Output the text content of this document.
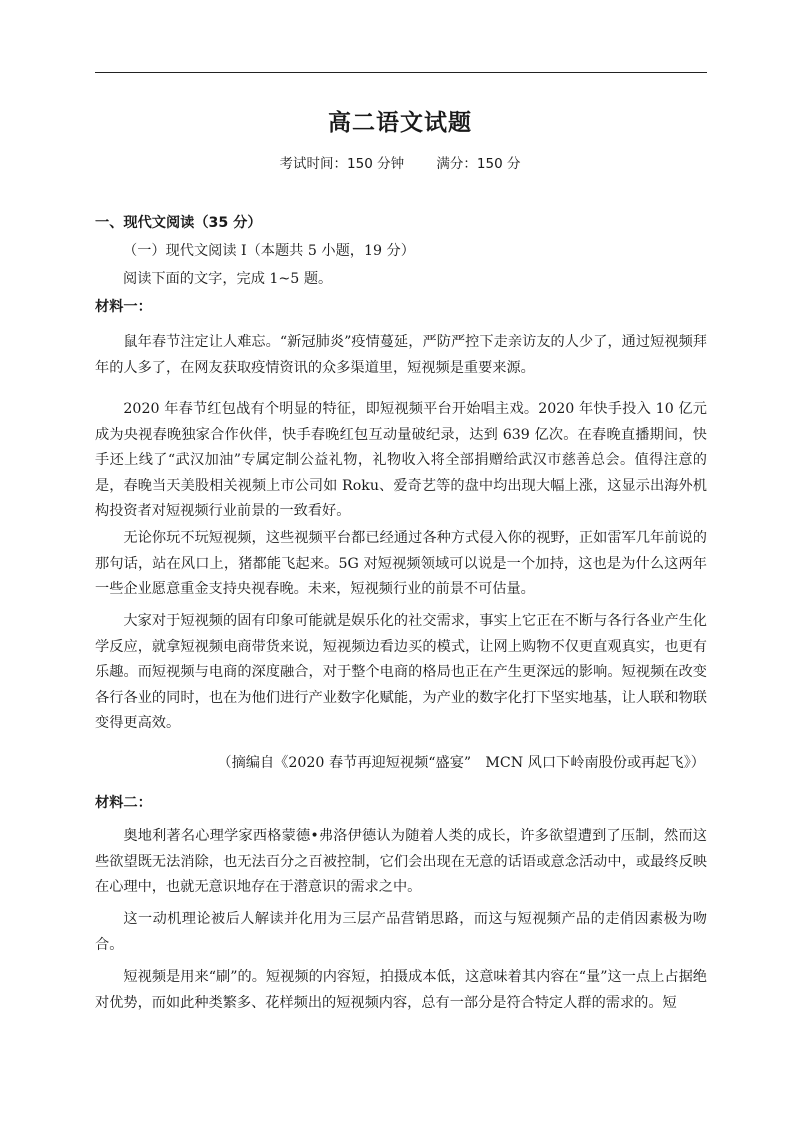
高二语文试题
考试时间：150 分钟 满分：150 分
一、现代文阅读（35 分）
（一）现代文阅读 I（本题共 5 小题，19 分）
阅读下面的文字，完成 1~5 题。
材料一：
鼠年春节注定让人难忘。“新冠肺炎”疫情蔓延，严防严控下走亲访友的人少了，通过短视频拜年的人多了，在网友获取疫情资讯的众多渠道里，短视频是重要来源。
2020 年春节红包战有个明显的特征，即短视频平台开始唱主戏。2020 年快手投入 10 亿元成为央视春晚独家合作伙伴，快手春晚红包互动量破纪录，达到 639 亿次。在春晚直播期间，快手还上线了“武汉加油”专属定制公益礼物，礼物收入将全部捐赠给武汉市慈善总会。值得注意的是，春晚当天美股相关视频上市公司如 Roku、爱奇艺等的盘中均出现大幅上涨，这显示出海外机构投资者对短视频行业前景的一致看好。
无论你玩不玩短视频，这些视频平台都已经通过各种方式侵入你的视野，正如雷军几年前说的那句话，站在风口上，猪都能飞起来。5G 对短视频领域可以说是一个加持，这也是为什么这两年一些企业愿意重金支持央视春晚。未来，短视频行业的前景不可估量。
大家对于短视频的固有印象可能就是娱乐化的社交需求，事实上它正在不断与各行各业产生化学反应，就拿短视频电商带货来说，短视频边看边买的模式，让网上购物不仅更直观真实，也更有乐趣。而短视频与电商的深度融合，对于整个电商的格局也正在产生更深远的影响。短视频在改变各行各业的同时，也在为他们进行产业数字化赋能，为产业的数字化打下坚实地基，让人联和物联变得更高效。
（摘编自《2020 春节再迎短视频“盛宴”　MCN 风口下岭南股份或再起飞》）
材料二：
奥地利著名心理学家西格蒙德•弗洛伊德认为随着人类的成长，许多欲望遭到了压制，然而这些欲望既无法消除，也无法百分之百被控制，它们会出现在无意的话语或意念活动中，或最终反映在心理中，也就无意识地存在于潜意识的需求之中。
这一动机理论被后人解读并化用为三层产品营销思路，而这与短视频产品的走俏因素极为吻合。
短视频是用来“刷”的。短视频的内容短，拍摄成本低，这意味着其内容在“量”这一点上占据绝对优势，而如此种类繁多、花样频出的短视频内容，总有一部分是符合特定人群的需求的。短
